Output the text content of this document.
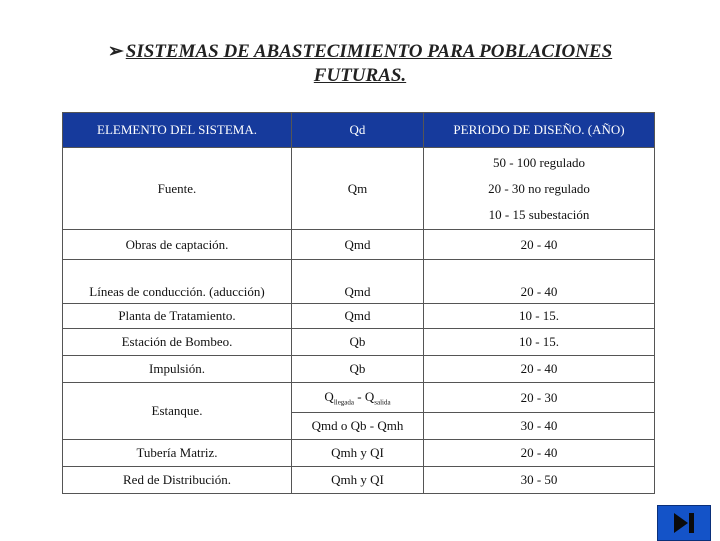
➢ SISTEMAS DE ABASTECIMIENTO PARA POBLACIONES
FUTURAS.
ELEMENTO DEL SISTEMA.	Qd	PERIODO DE DISEÑO. (AÑO)
Fuente.	Qm	50 - 100 regulado
20 - 30 no regulado
10 - 15 subestación

Obras de captación.	Qmd	20 - 40
Líneas de conducción. (aducción)	Qmd	20 - 40
Planta de Tratamiento.	Qmd	10 - 15.
Estación de Bombeo.	Qb	10 - 15.
Impulsión.	Qb	20 - 40
Estanque.	$Q_{llegada} - Q_{salida}$	20 - 30
	Qmd o Qb - Qmh	30 - 40
Tubería Matriz.	Qmh y QI	20 - 40
Red de Distribución.	Qmh y QI	30 - 50
